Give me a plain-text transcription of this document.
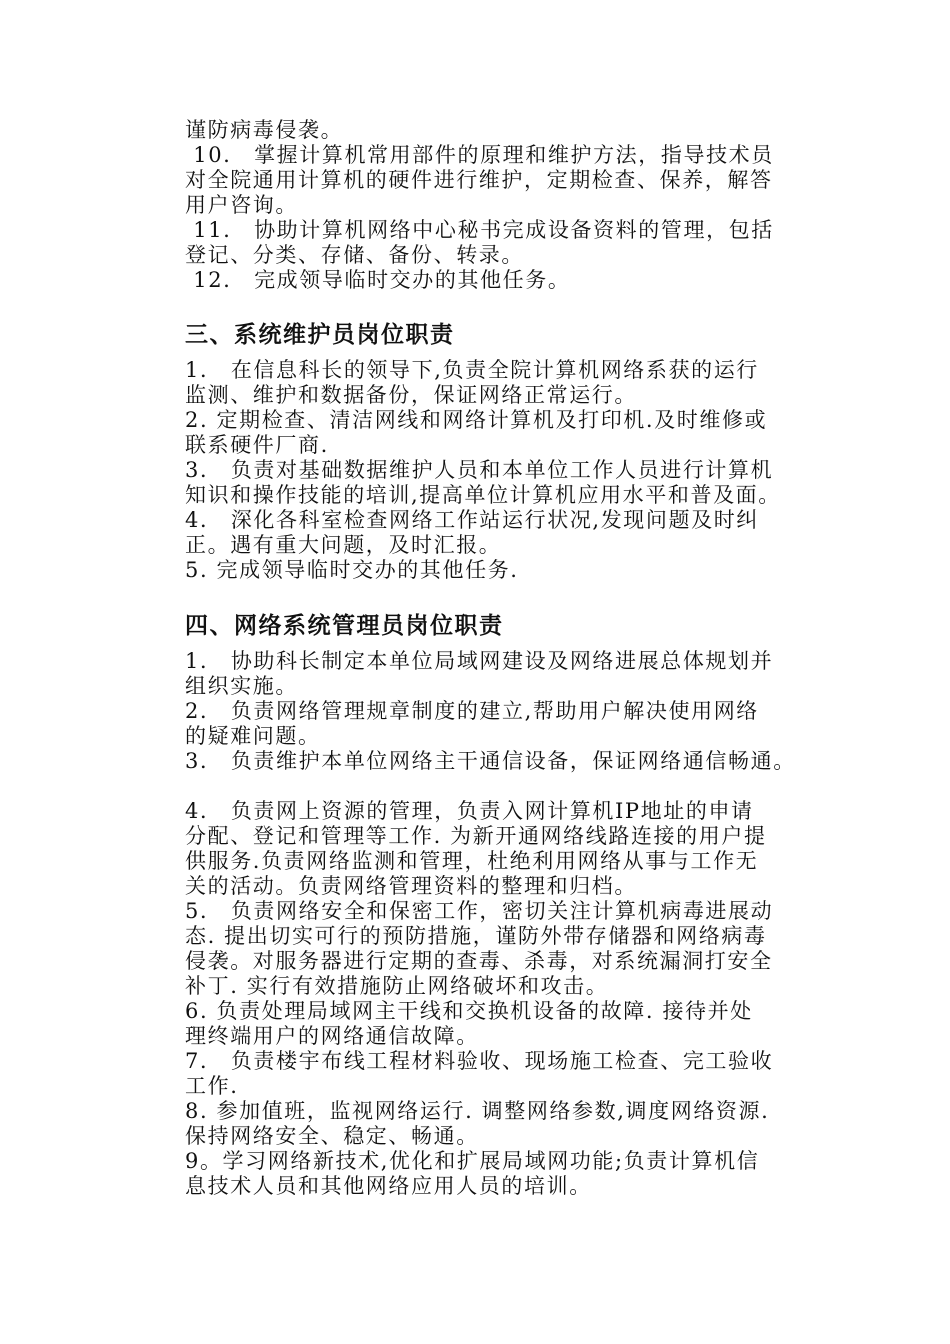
谨防病毒侵袭。

10． 掌握计算机常用部件的原理和维护方法，指导技术员

对全院通用计算机的硬件进行维护，定期检查、保养，解答

用户咨询。

11． 协助计算机网络中心秘书完成设备资料的管理，包括

登记、分类、存储、备份、转录。

12． 完成领导临时交办的其他任务。

三、系统维护员岗位职责

1． 在信息科长的领导下,负责全院计算机网络系获的运行

监测、维护和数据备份，保证网络正常运行。

2. 定期检查、清洁网线和网络计算机及打印机.及时维修或

联系硬件厂商.

3． 负责对基础数据维护人员和本单位工作人员进行计算机

知识和操作技能的培训,提高单位计算机应用水平和普及面。

4． 深化各科室检查网络工作站运行状况,发现问题及时纠

正。遇有重大问题，及时汇报。

5. 完成领导临时交办的其他任务.

四、网络系统管理员岗位职责

1． 协助科长制定本单位局域网建设及网络进展总体规划并

组织实施。

2． 负责网络管理规章制度的建立,帮助用户解决使用网络

的疑难问题。

3． 负责维护本单位网络主干通信设备，保证网络通信畅通。

4． 负责网上资源的管理，负责入网计算机IP地址的申请

分配、登记和管理等工作. 为新开通网络线路连接的用户提

供服务.负责网络监测和管理，杜绝利用网络从事与工作无

关的活动。负责网络管理资料的整理和归档。

5． 负责网络安全和保密工作，密切关注计算机病毒进展动

态. 提出切实可行的预防措施，谨防外带存储器和网络病毒

侵袭。对服务器进行定期的查毒、杀毒，对系统漏洞打安全

补丁. 实行有效措施防止网络破坏和攻击。

6. 负责处理局域网主干线和交换机设备的故障. 接待并处

理终端用户的网络通信故障。

7． 负责楼宇布线工程材料验收、现场施工检查、完工验收

工作.

8. 参加值班，监视网络运行. 调整网络参数,调度网络资源.

保持网络安全、稳定、畅通。

9。学习网络新技术,优化和扩展局域网功能;负责计算机信

息技术人员和其他网络应用人员的培训。
